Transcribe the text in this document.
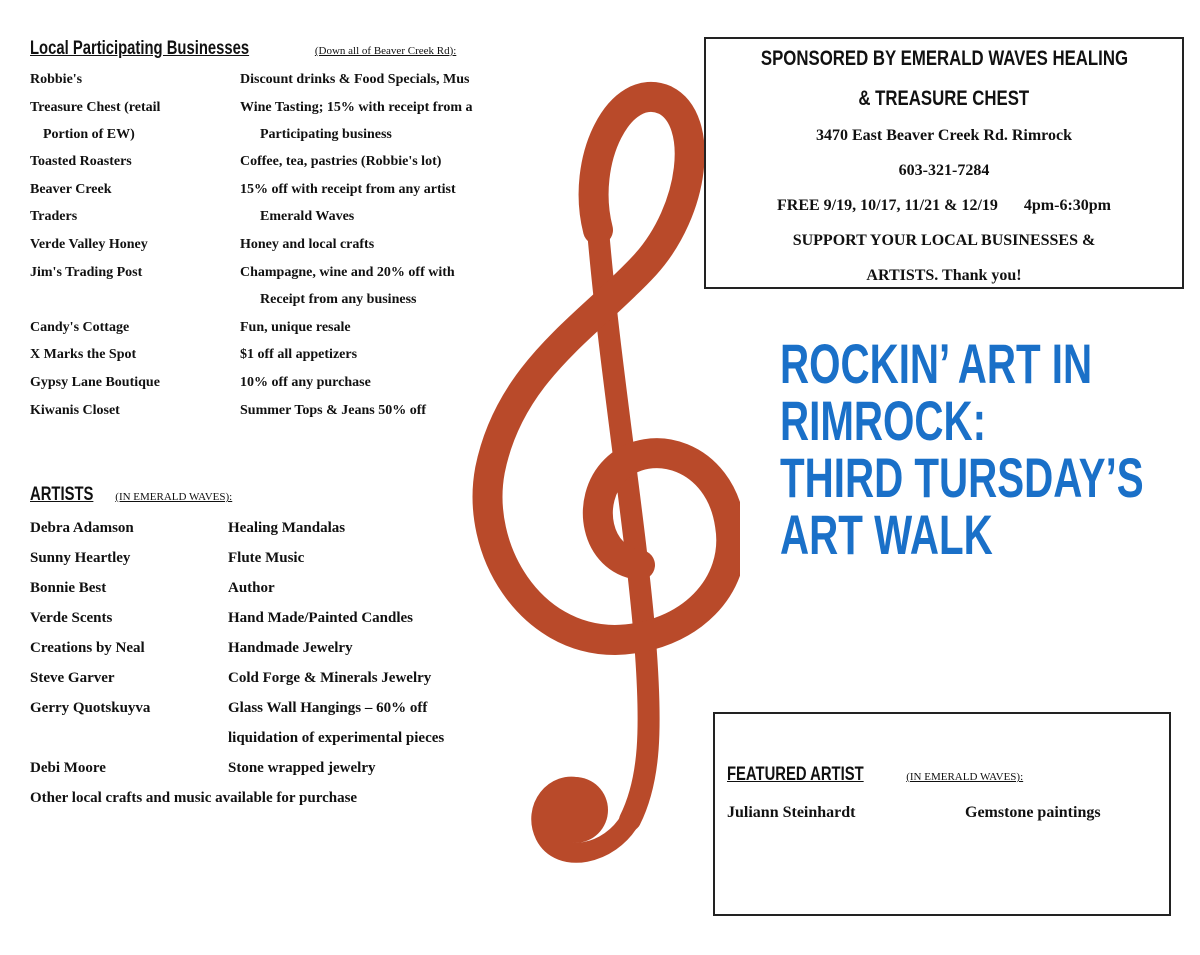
Local Participating Businesses	(Down all of Beaver Creek Rd):
Robbie's	Discount drinks & Food Specials, Mus
Treasure Chest (retail	Wine Tasting; 15% with receipt from a
Portion of EW)	Participating business
Toasted Roasters	Coffee, tea, pastries (Robbie's lot)
Beaver Creek	15% off with receipt from any artist
Traders	Emerald Waves
Verde Valley Honey	Honey and local crafts
Jim's Trading Post	Champagne, wine and 20% off with
Receipt from any business
Candy's Cottage	Fun, unique resale
X Marks the Spot	$1 off all appetizers
Gypsy Lane Boutique	10% off any purchase
Kiwanis Closet	Summer Tops & Jeans 50% off
ARTISTS (IN EMERALD WAVES):
Debra Adamson	Healing Mandalas
Sunny Heartley	Flute Music
Bonnie Best	Author
Verde Scents	Hand Made/Painted Candles
Creations by Neal	Handmade Jewelry
Steve Garver	Cold Forge & Minerals Jewelry
Gerry Quotskuyva	Glass Wall Hangings – 60% off
liquidation of experimental pieces
Debi Moore	Stone wrapped jewelry
Other local crafts and music available for purchase
SPONSORED BY EMERALD WAVES HEALING
& TREASURE CHEST
3470 East Beaver Creek Rd. Rimrock
603-321-7284
FREE 9/19, 10/17, 11/21 & 12/19 4pm-6:30pm
SUPPORT YOUR LOCAL BUSINESSES &
ARTISTS. Thank you!
ROCKIN’ ART IN
RIMROCK:
THIRD TURSDAY’S
ART WALK
FEATURED ARTIST	(IN EMERALD WAVES):
Juliann Steinhardt	Gemstone paintings
